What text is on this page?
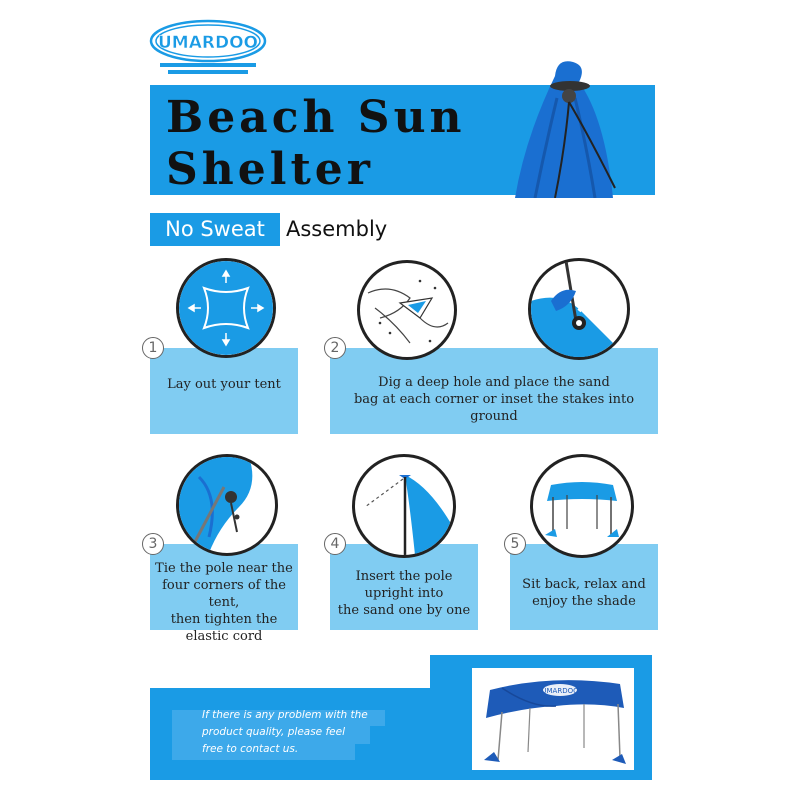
UMARDOO
Beach Sun
Shelter
No Sweat	Assembly
Lay out your tent
1
Dig a deep hole and place the sand
bag at each corner or inset the stakes into ground
2
Tie the pole near the
four corners of the tent,
then tighten the
elastic cord
3
Insert the pole
upright into
the sand one by one
4
Sit back, relax and
enjoy the shade
5
If there is any problem with the
product quality, please feel
free to contact us.
UMARDOO
